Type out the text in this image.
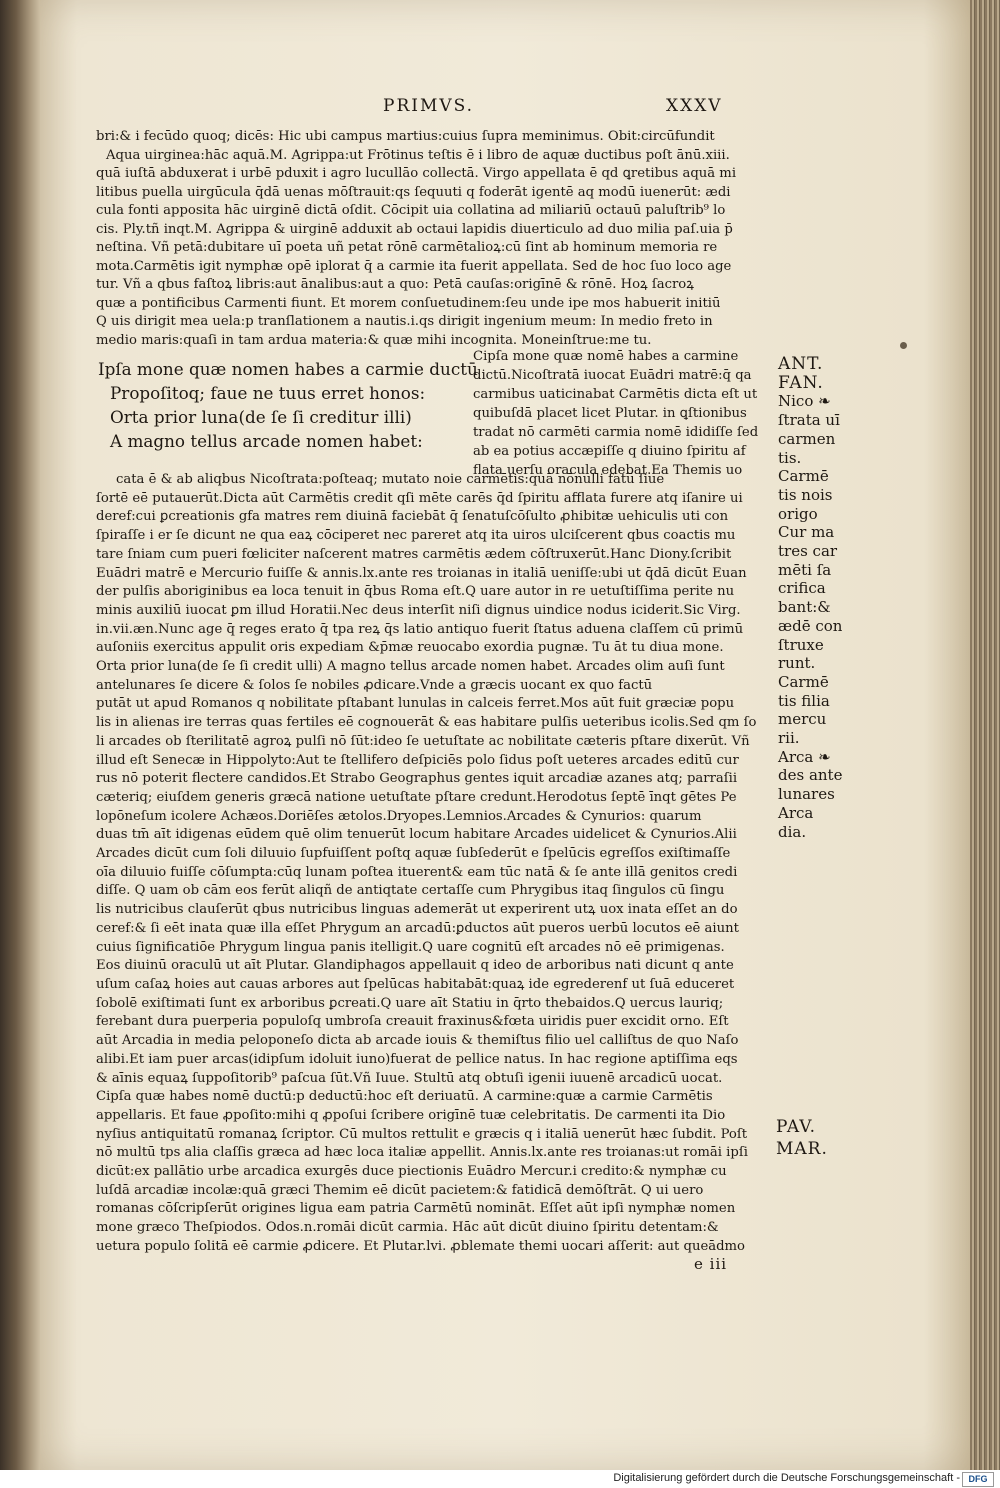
PRIMVS.	XXXV
bri:& i fecūdo quoq; dicēs: Hic ubi campus martius:cuius ſupra meminimus. Obit:circūfundit
Aqua uirginea:hāc aquā.M. Agrippa:ut Frōtinus teſtis ē i libro de aquæ ductibus poſt ānū.xiii.
quā iuſtā abduxerat i urbē pduxit i agro lucullāo collectā. Virgo appellata ē qd ꝗretibus aquā mi
litibus puella uirgūcula q̄dā uenas mōſtrauit:qs ſequuti q foderāt igentē aq modū iuenerūt: ædi
cula fonti apposita hāc uirginē dictā oſdit. Cōcipit uia collatina ad miliariū octauū paluſtrib⁹ lo
cis. Ply.tñ inqt.M. Agrippa & uirginē adduxit ab octaui lapidis diuerticulo ad duo milia paſ.uia p̄
neſtina. Vñ petā:dubitare uī poeta uñ petat rōnē carmētalioꝝ:cū ſint ab hominum memoria re
mota.Carmētis igit nymphæ opē iplorat q̄ a carmie ita fuerit appellata. Sed de hoc ſuo loco age
tur. Vñ a qbus faſtoꝝ libris:aut ānalibus:aut a quo: Petā cauſas:origīnē & rōnē. Hoꝝ ſacroꝝ
quæ a pontificibus Carmenti fiunt. Et morem conſuetudinem:ſeu unde ipe mos habuerit initiū
Q uis dirigit mea uela:p tranſlationem a nautis.i.qs dirigit ingenium meum: In medio freto in
medio maris:quaſi in tam ardua materia:& quæ mihi incognita. Moneinſtrue:me tu.
Ipſa mone quæ nomen habes a carmie ductū
Propoſitoq; faue ne tuus erret honos:
Orta prior luna(de ſe ſi creditur illi)
A magno tellus arcade nomen habet:
Cipſa mone quæ nomē habes a carmine
dictū.Nicoſtratā iuocat Euādri matrē:q̄ qa
carmibus uaticinabat Carmētis dicta eſt ut
quibuſdā placet licet Plutar. in ꝗſtionibus
tradat nō carmēti carmia nomē ididiſſe ſed
ab ea potius accæpiſſe q diuino ſpiritu af
flata uerſu oracula edebat.Ea Themis uo
cata ē & ab aliqbus Nicoſtrata:poſteaq; mutato noie carmētis:quā nōnulli fatū ſiue
ſortē eē putauerūt.Dicta aūt Carmētis credit qſi mēte carēs q̄d ſpiritu afflata furere atq iſanire ui
deref:cui ꝑcreationis gfa matres rem diuinā faciebāt q̄ ſenatuſcōſulto ꝓhibitæ uehiculis uti con
ſpiraſſe i er ſe dicunt ne qua eaꝝ cōciperet nec pareret atq ita uiros ulciſcerent qbus coactis mu
tare ſniam cum pueri fœliciter naſcerent matres carmētis ædem cōſtruxerūt.Hanc Diony.ſcribit
Euādri matrē e Mercurio fuiſſe & annis.lx.ante res troianas in italiā ueniſſe:ubi ut q̄dā dicūt Euan
der pulſis aboriginibus ea loca tenuit in q̄bus Roma eſt.Q uare autor in re uetuſtiſſima perite nu
minis auxiliū iuocat ꝑm illud Horatii.Nec deus interſit niſi dignus uindice nodus iciderit.Sic Virg.
in.vii.æn.Nunc age q̄ reges erato q̄ tpa reꝝ q̄s latio antiquo fuerit ſtatus aduena claſſem cū primū
auſoniis exercitus appulit oris expediam &p̄mæ reuocabo exordia pugnæ. Tu āt tu diua mone.
Orta prior luna(de ſe ſi credit ulli) A magno tellus arcade nomen habet. Arcades olim auſi ſunt
antelunares ſe dicere & ſolos ſe nobiles ꝓdicare.Vnde a græcis uocant ex quo factū
putāt ut apud Romanos q nobilitate pſtabant lunulas in calceis ferret.Mos aūt fuit græciæ popu
lis in alienas ire terras quas fertiles eē cognouerāt & eas habitare pulſis ueteribus icolis.Sed qm ſo
li arcades ob ſterilitatē agroꝝ pulſi nō ſūt:ideo ſe uetuſtate ac nobilitate cæteris pſtare dixerūt. Vñ
illud eſt Senecæ in Hippolyto:Aut te ſtellifero deſpiciēs polo ſidus poſt ueteres arcades editū cur
rus nō poterit flectere candidos.Et Strabo Geographus gentes iquit arcadiæ azanes atq; parraſii
cæteriq; eiuſdem generis græcā natione uetuſtate pſtare credunt.Herodotus ſeptē īnqt gētes Pe
lopōneſum icolere Achæos.Doriēſes ætolos.Dryopes.Lemnios.Arcades & Cynurios: quarum
duas tm̄ aīt idigenas eūdem quē olim tenuerūt locum habitare Arcades uidelicet & Cynurios.Alii
Arcades dicūt cum ſoli diluuio ſupfuiſſent poſtq aquæ ſubſederūt e ſpelūcis egreſſos exiſtimaſſe
oīa diluuio fuiſſe cōſumpta:cūq lunam poſtea ituerent& eam tūc natā & ſe ante illā genitos credi
diſſe. Q uam ob cām eos ferūt aliqñ de antiqtate certaſſe cum Phrygibus itaq ſingulos cū ſingu
lis nutricibus clauſerūt qbus nutricibus linguas ademerāt ut experirent utꝝ uox inata eſſet an do
ceref:& ſi eēt inata quæ illa eſſet Phrygum an arcadū:ꝑductos aūt pueros uerbū locutos eē aiunt
cuius ſignificatiōe Phrygum lingua panis itelligit.Q uare cognitū eſt arcades nō eē primigenas.
Eos diuinū oraculū ut aīt Plutar. Glandiphagos appellauit q ideo de arboribus nati dicunt q ante
uſum caſaꝝ hoies aut cauas arbores aut ſpelūcas habitabāt:quaꝝ ide egrederenf ut ſuā educeret
ſobolē exiſtimati ſunt ex arboribus ꝑcreati.Q uare aīt Statiu in q̄rto thebaidos.Q uercus lauriq;
ferebant dura puerperia populoſq umbroſa creauit fraxinus&fœta uiridis puer excidit orno. Eſt
aūt Arcadia in media peloponeſo dicta ab arcade iouis & themiſtus filio uel calliſtus de quo Naſo
alibi.Et iam puer arcas(idipſum idoluit iuno)fuerat de pellice natus. In hac regione aptiſſima eqs
& aīnis equaꝝ ſuppoſitorib⁹ paſcua ſūt.Vñ Iuue. Stultū atq obtuſi igenii iuuenē arcadicū uocat.
Cipſa quæ habes nomē ductū:p deductū:hoc eſt deriuatū. A carmine:quæ a carmie Carmētis
appellaris. Et faue ꝓpoſito:mihi q ꝓpoſui ſcribere origīnē tuæ celebritatis. De carmenti ita Dio
nyſius antiquitatū romanaꝝ ſcriptor. Cū multos rettulit e græcis q i italiā uenerūt hæc ſubdit. Poſt
nō multū tps alia claſſis græca ad hæc loca italiæ appellit. Annis.lx.ante res troianas:ut romāi ipſi
dicūt:ex pallātio urbe arcadica exurgēs duce piectionis Euādro Mercur.i credito:& nymphæ cu
luſdā arcadiæ incolæ:quā græci Themim eē dicūt pacietem:& fatidicā demōſtrāt. Q ui uero
romanas cōſcripſerūt origines ligua eam patria Carmētū nomināt. Eſſet aūt ipſi nymphæ nomen
mone græco Theſpiodos. Odos.n.romāi dicūt carmia. Hāc aūt dicūt diuino ſpiritu detentam:&
uetura populo ſolitā eē carmie ꝓdicere. Et Plutar.lvi. ꝓblemate themi uocari aſſerit: aut queādmo
e iii
ANT.
FAN.
Nico ❧
ſtrata uī
carmen
tis.
Carmē
tis nois
origo
Cur ma
tres car
mēti ſa
crifica
bant:&
ædē con
ſtruxe
runt.
Carmē
tis filia
mercu
rii.
Arca ❧
des ante
lunares
Arca
dia.
PAV.
MAR.
Digitalisierung gefördert durch die Deutsche Forschungsgemeinschaft - DFG
